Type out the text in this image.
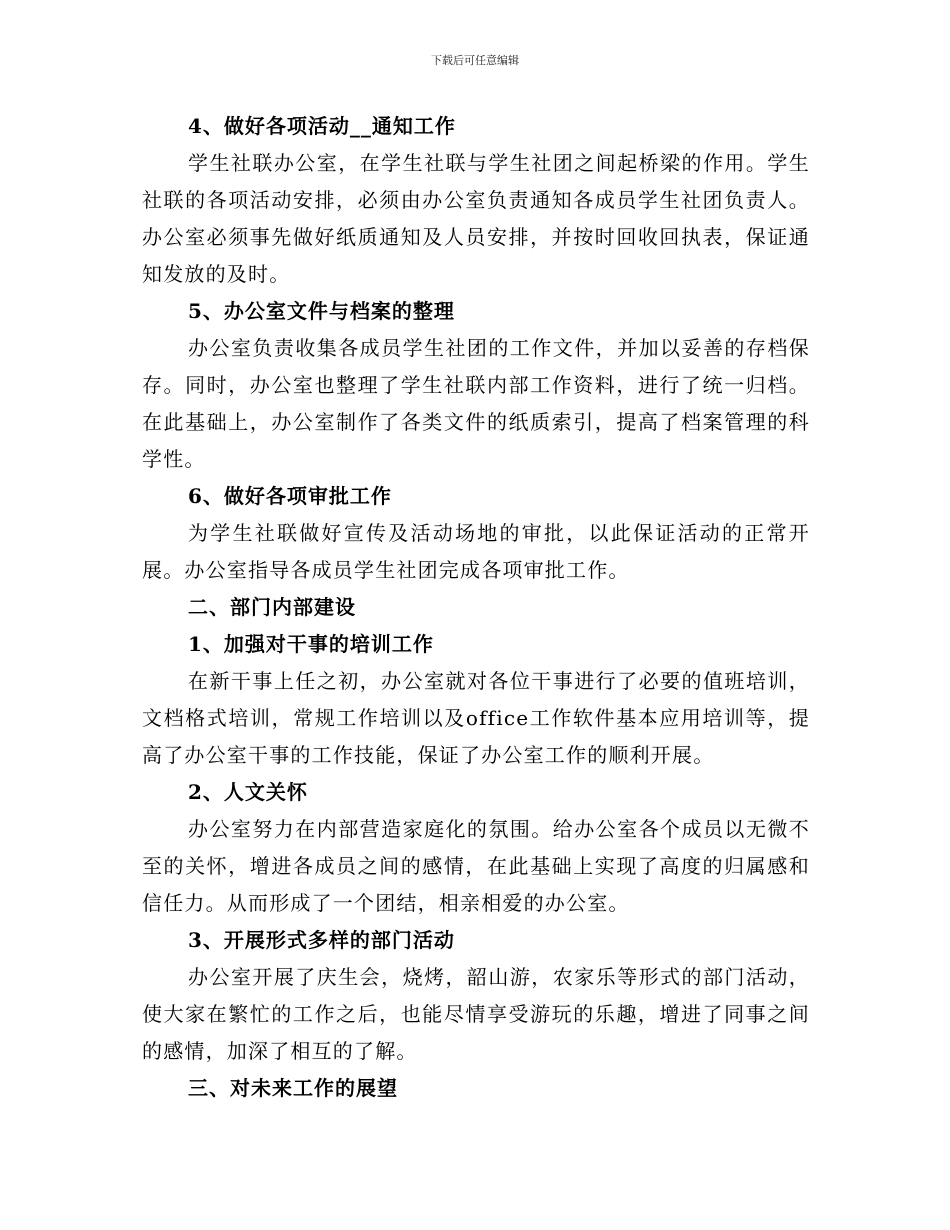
下载后可任意编辑
4、做好各项活动__通知工作
学生社联办公室，在学生社联与学生社团之间起桥梁的作用。学生社联的各项活动安排，必须由办公室负责通知各成员学生社团负责人。办公室必须事先做好纸质通知及人员安排，并按时回收回执表，保证通知发放的及时。
5、办公室文件与档案的整理
办公室负责收集各成员学生社团的工作文件，并加以妥善的存档保存。同时，办公室也整理了学生社联内部工作资料，进行了统一归档。在此基础上，办公室制作了各类文件的纸质索引，提高了档案管理的科学性。
6、做好各项审批工作
为学生社联做好宣传及活动场地的审批，以此保证活动的正常开展。办公室指导各成员学生社团完成各项审批工作。
二、部门内部建设
1、加强对干事的培训工作
在新干事上任之初，办公室就对各位干事进行了必要的值班培训，文档格式培训，常规工作培训以及office工作软件基本应用培训等，提高了办公室干事的工作技能，保证了办公室工作的顺利开展。
2、人文关怀
办公室努力在内部营造家庭化的氛围。给办公室各个成员以无微不至的关怀，增进各成员之间的感情，在此基础上实现了高度的归属感和信任力。从而形成了一个团结，相亲相爱的办公室。
3、开展形式多样的部门活动
办公室开展了庆生会，烧烤，韶山游，农家乐等形式的部门活动，使大家在繁忙的工作之后，也能尽情享受游玩的乐趣，增进了同事之间的感情，加深了相互的了解。
三、对未来工作的展望
